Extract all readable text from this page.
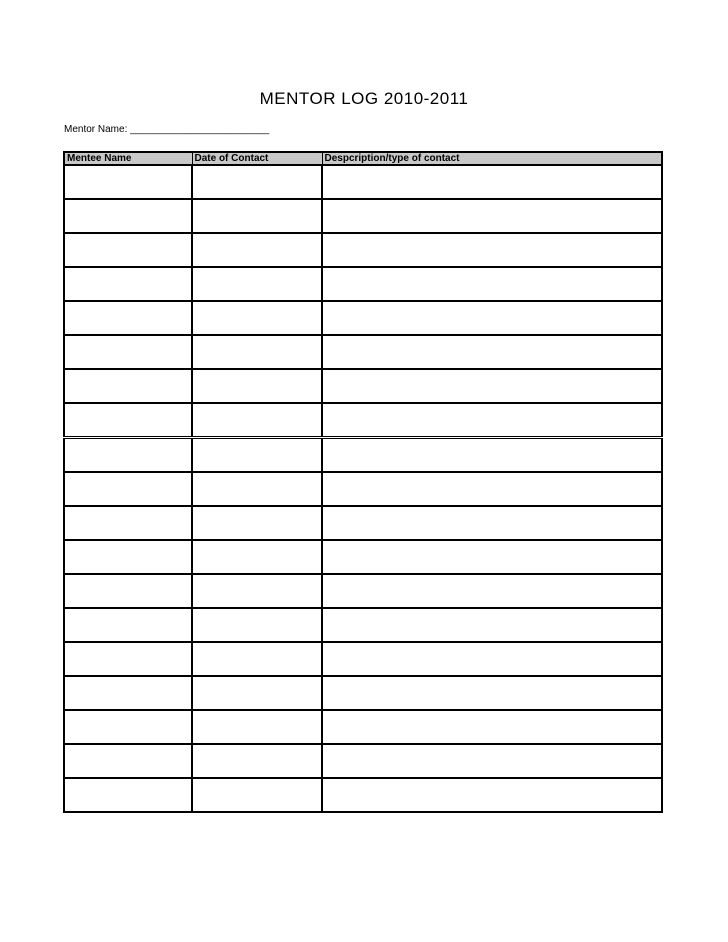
MENTOR LOG 2010-2011
Mentor Name: _________________________
Mentee Name	Date of Contact	Despcription/type of contact
